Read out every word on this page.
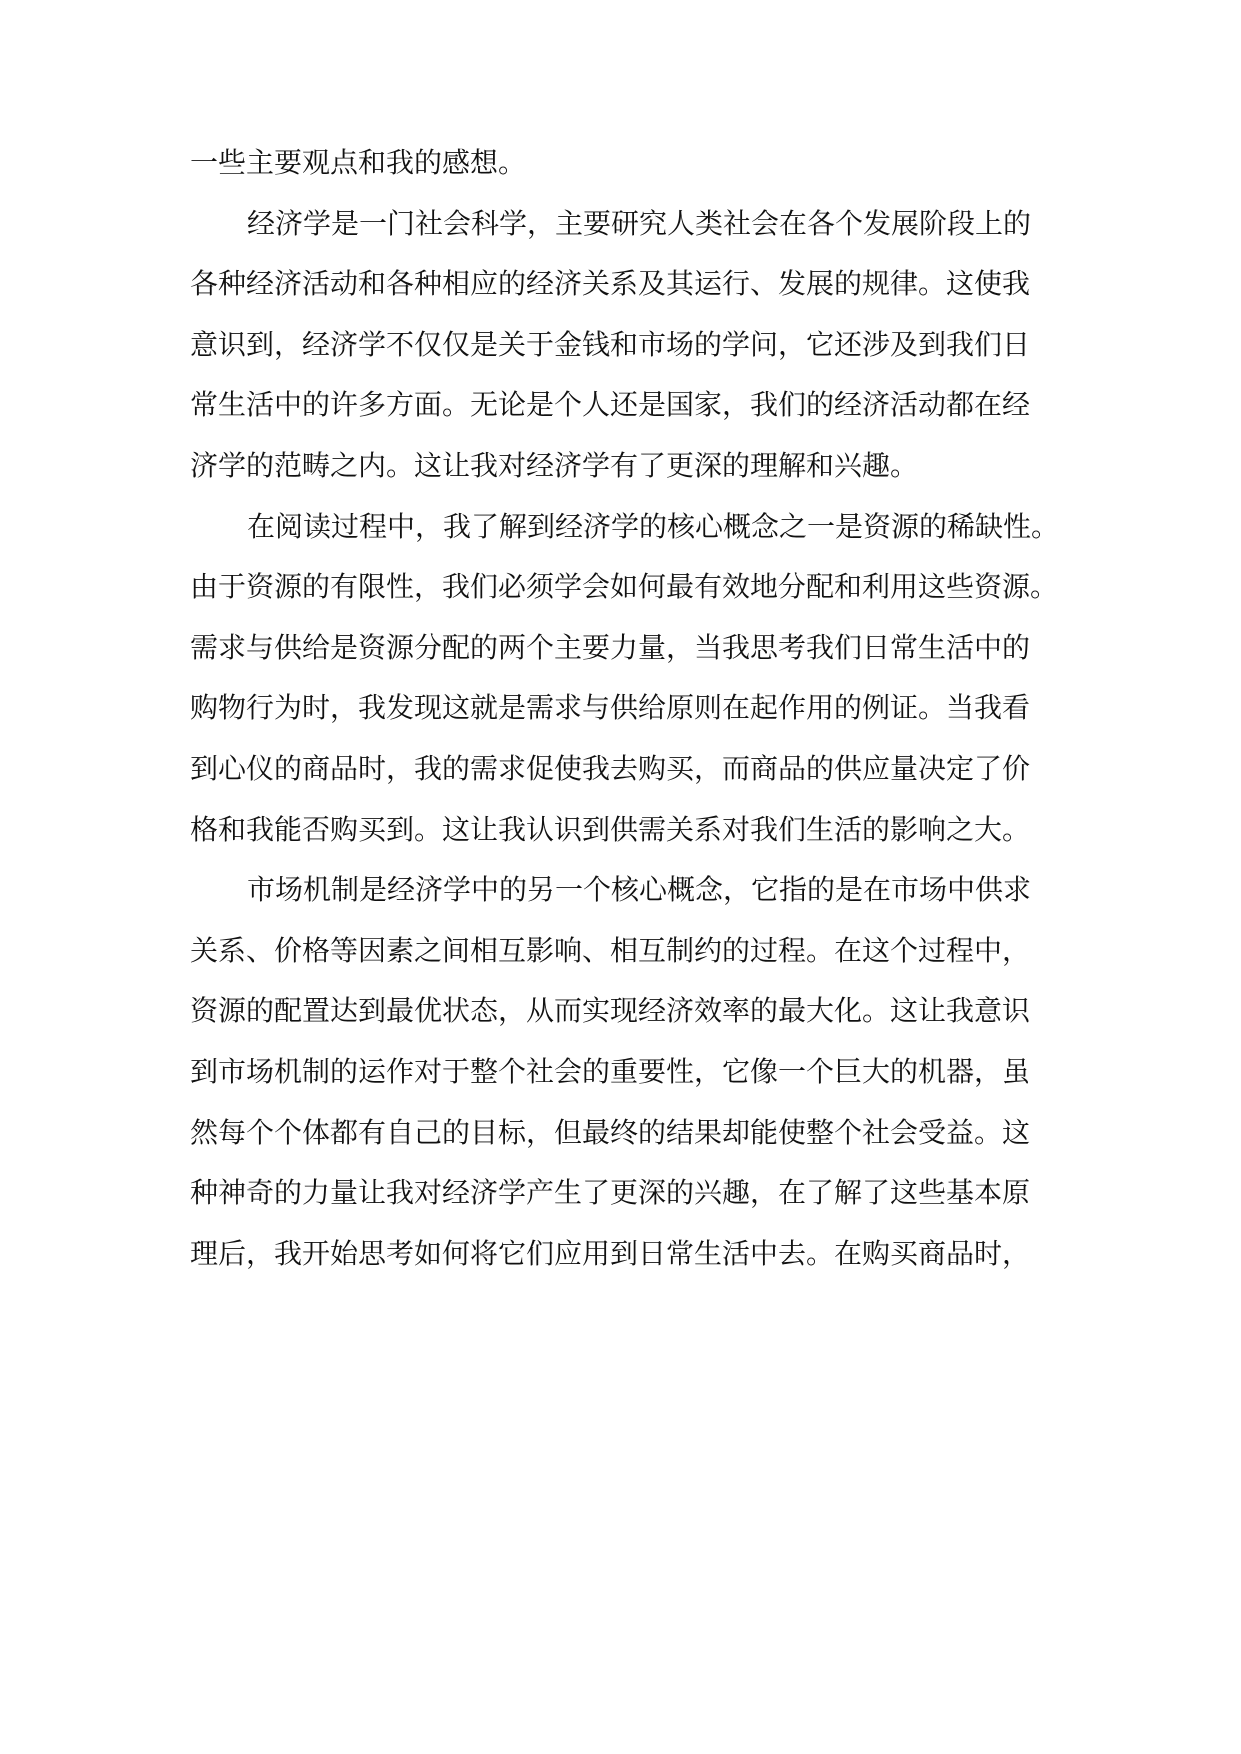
一些主要观点和我的感想。
经济学是一门社会科学，主要研究人类社会在各个发展阶段上的
各种经济活动和各种相应的经济关系及其运行、发展的规律。这使我
意识到，经济学不仅仅是关于金钱和市场的学问，它还涉及到我们日
常生活中的许多方面。无论是个人还是国家，我们的经济活动都在经
济学的范畴之内。这让我对经济学有了更深的理解和兴趣。
在阅读过程中，我了解到经济学的核心概念之一是资源的稀缺性。
由于资源的有限性，我们必须学会如何最有效地分配和利用这些资源。
需求与供给是资源分配的两个主要力量，当我思考我们日常生活中的
购物行为时，我发现这就是需求与供给原则在起作用的例证。当我看
到心仪的商品时，我的需求促使我去购买，而商品的供应量决定了价
格和我能否购买到。这让我认识到供需关系对我们生活的影响之大。
市场机制是经济学中的另一个核心概念，它指的是在市场中供求
关系、价格等因素之间相互影响、相互制约的过程。在这个过程中，
资源的配置达到最优状态，从而实现经济效率的最大化。这让我意识
到市场机制的运作对于整个社会的重要性，它像一个巨大的机器，虽
然每个个体都有自己的目标，但最终的结果却能使整个社会受益。这
种神奇的力量让我对经济学产生了更深的兴趣，在了解了这些基本原
理后，我开始思考如何将它们应用到日常生活中去。在购买商品时，
